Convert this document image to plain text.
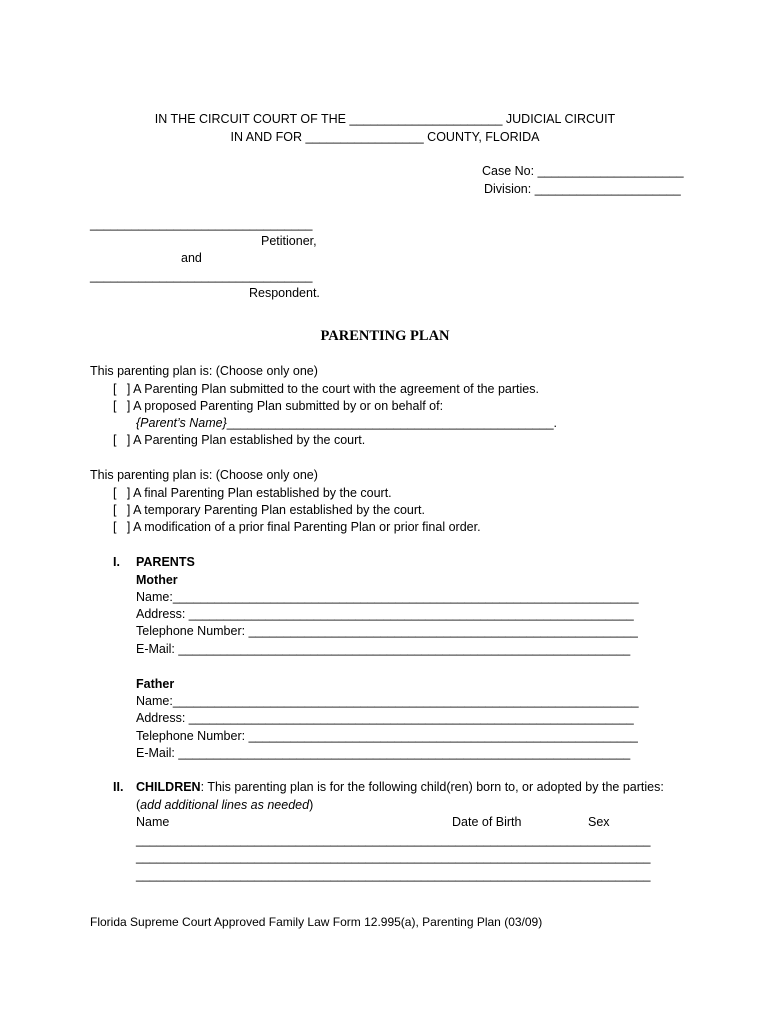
IN THE CIRCUIT COURT OF THE ______________________ JUDICIAL CIRCUIT
IN AND FOR _________________ COUNTY, FLORIDA
Case No: _____________________
Division: _____________________
________________________________
Petitioner,
and
________________________________
Respondent.
PARENTING PLAN
This parenting plan is: (Choose only one)
[   ] A Parenting Plan submitted to the court with the agreement of the parties.
[   ] A proposed Parenting Plan submitted by or on behalf of:
{Parent’s Name}_______________________________________________.
[   ] A Parenting Plan established by the court.
This parenting plan is: (Choose only one)
[   ] A final Parenting Plan established by the court.
[   ] A temporary Parenting Plan established by the court.
[   ] A modification of a prior final Parenting Plan or prior final order.
I. PARENTS
Mother
Name:___________________________________________________________________
Address: ________________________________________________________________
Telephone Number: ________________________________________________________
E-Mail: _________________________________________________________________
Father
Name:___________________________________________________________________
Address: ________________________________________________________________
Telephone Number: ________________________________________________________
E-Mail: _________________________________________________________________
II. CHILDREN: This parenting plan is for the following child(ren) born to, or adopted by the parties:
(add additional lines as needed)
Name	Date of Birth	Sex
__________________________________________________________________________
__________________________________________________________________________
__________________________________________________________________________
Florida Supreme Court Approved Family Law Form 12.995(a), Parenting Plan (03/09)
